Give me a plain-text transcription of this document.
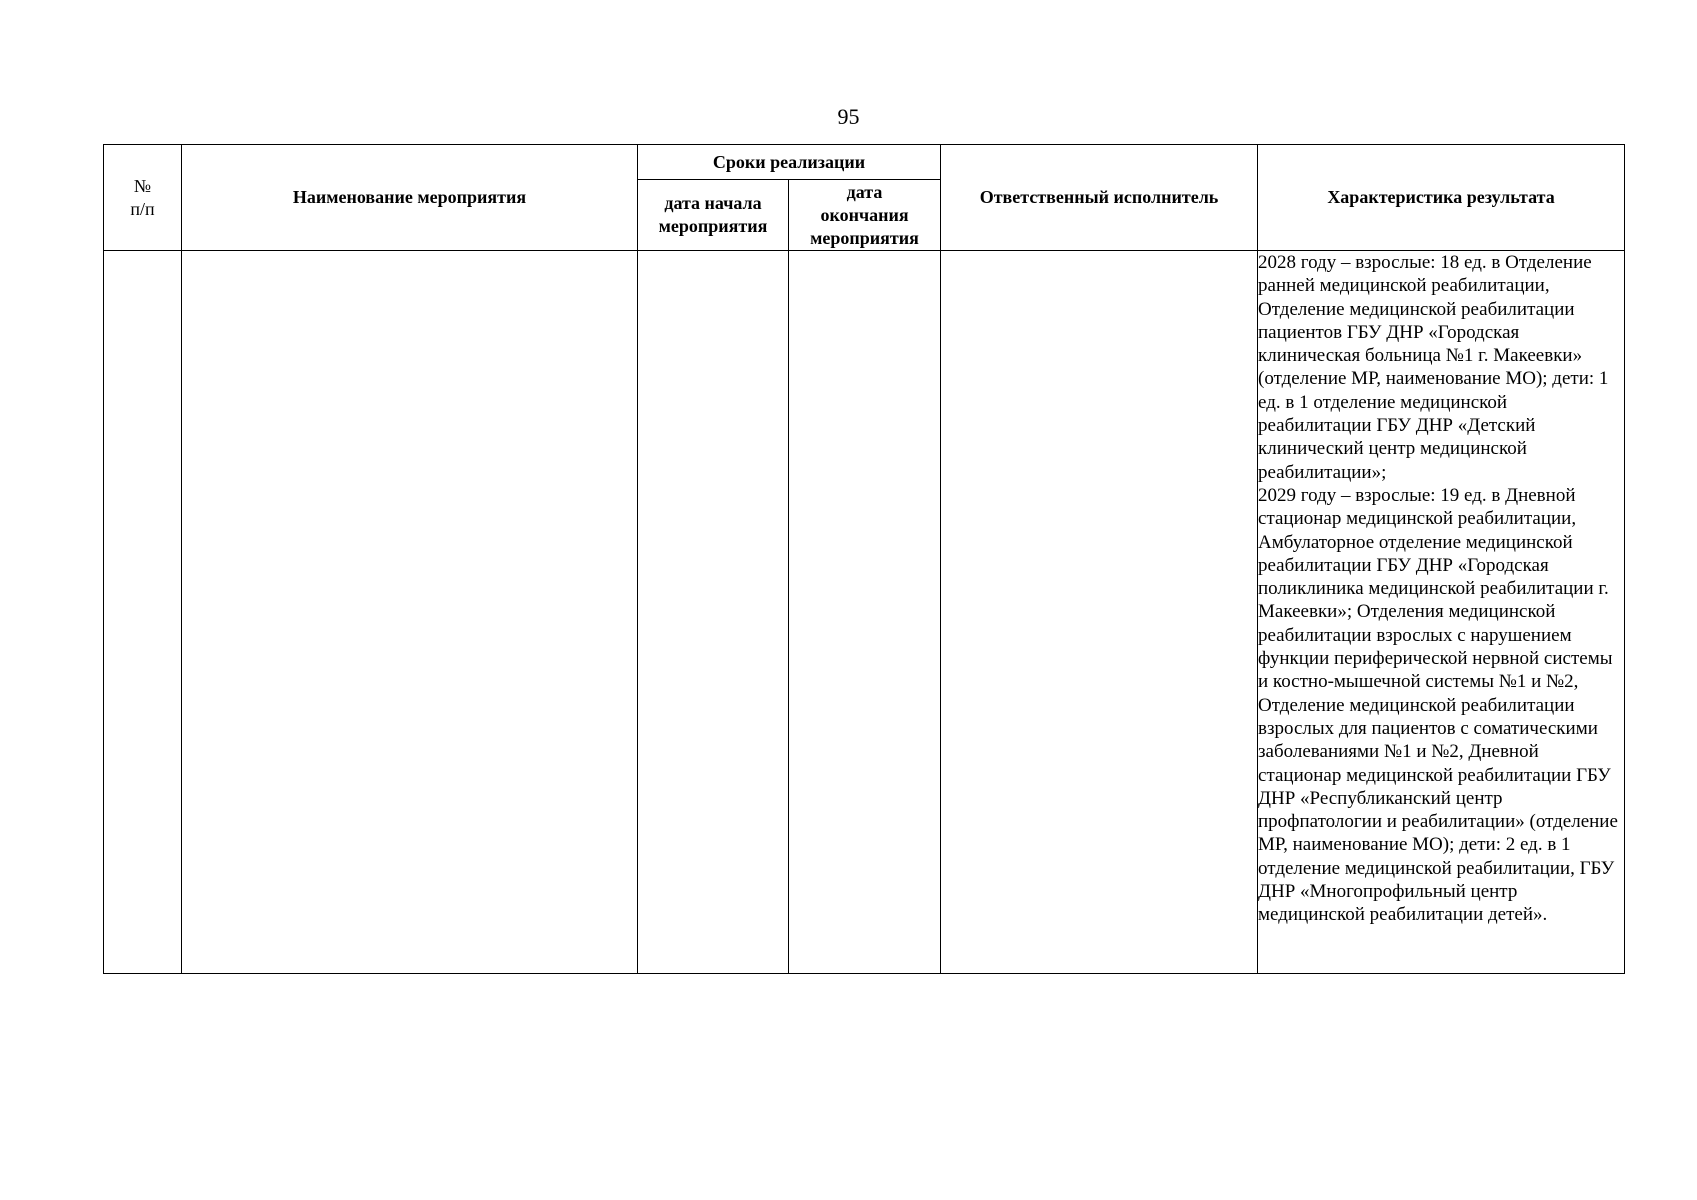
95
№
п/п	Наименование мероприятия	Сроки реализации		Ответственный исполнитель	Характеристика результата
		дата начала мероприятия	дата окончания мероприятия		

					2028 году – взрослые: 18 ед. в Отделение ранней медицинской реабилитации, Отделение медицинской реабилитации пациентов ГБУ ДНР «Городская клиническая больница №1 г. Макеевки» (отделение МР, наименование МО); дети: 1 ед. в 1 отделение медицинской реабилитации ГБУ ДНР «Детский клинический центр медицинской реабилитации»;
2029 году – взрослые: 19 ед. в Дневной стационар медицинской реабилитации, Амбулаторное отделение медицинской реабилитации ГБУ ДНР «Городская поликлиника медицинской реабилитации г. Макеевки»; Отделения медицинской реабилитации взрослых с нарушением функции периферической нервной системы и костно-мышечной системы №1 и №2, Отделение медицинской реабилитации взрослых для пациентов с соматическими заболеваниями №1 и №2, Дневной стационар медицинской реабилитации ГБУ ДНР «Республиканский центр профпатологии и реабилитации» (отделение МР, наименование МО); дети: 2 ед. в 1 отделение медицинской реабилитации, ГБУ ДНР «Многопрофильный центр медицинской реабилитации детей».
